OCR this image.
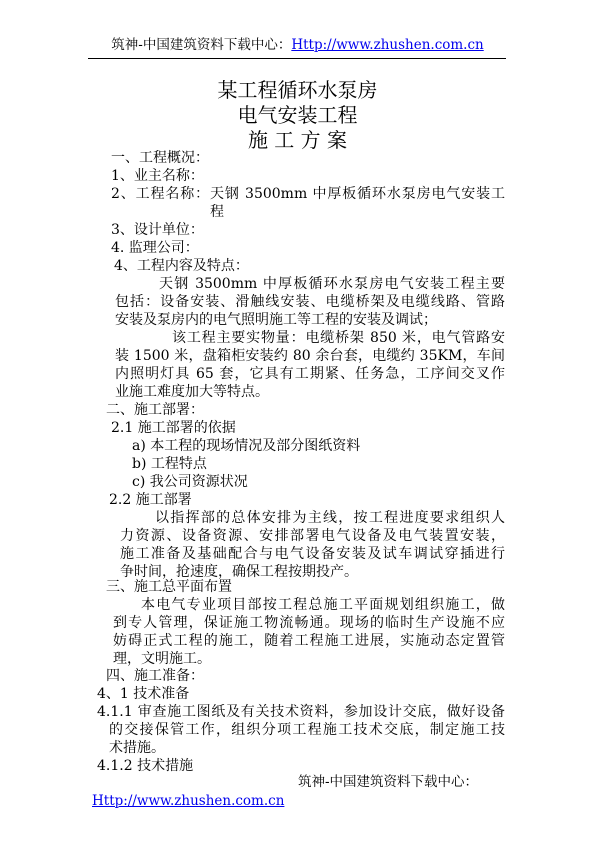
筑神-中国建筑资料下载中心：Http://www.zhushen.com.cn
某工程循环水泵房
电气安装工程
施 工 方 案
一、工程概况：
1、业主名称：
2、工程名称：天钢 3500mm 中厚板循环水泵房电气安装工
程
3、设计单位：
4. 监理公司：
4、工程内容及特点：
天钢 3500mm 中厚板循环水泵房电气安装工程主要
包括：设备安装、滑触线安装、电缆桥架及电缆线路、管路
安装及泵房内的电气照明施工等工程的安装及调试；
该工程主要实物量：电缆桥架 850 米，电气管路安
装 1500 米，盘箱柜安装约 80 余台套，电缆约 35KM，车间
内照明灯具 65 套，它具有工期紧、任务急，工序间交叉作
业施工难度加大等特点。
二、施工部署：
2.1 施工部署的依据
a) 本工程的现场情况及部分图纸资料
b) 工程特点
c) 我公司资源状况
2.2 施工部署
以指挥部的总体安排为主线，按工程进度要求组织人
力资源、设备资源、安排部署电气设备及电气装置安装，
施工准备及基础配合与电气设备安装及试车调试穿插进行
争时间，抢速度，确保工程按期投产。
三、施工总平面布置
本电气专业项目部按工程总施工平面规划组织施工，做
到专人管理，保证施工物流畅通。现场的临时生产设施不应
妨碍正式工程的施工，随着工程施工进展，实施动态定置管
理，文明施工。
四、施工准备：
4、1 技术准备
4.1.1 审查施工图纸及有关技术资料，参加设计交底，做好设备
的交接保管工作，组织分项工程施工技术交底，制定施工技
术措施。
4.1.2 技术措施
筑神-中国建筑资料下载中心：
Http://www.zhushen.com.cn
